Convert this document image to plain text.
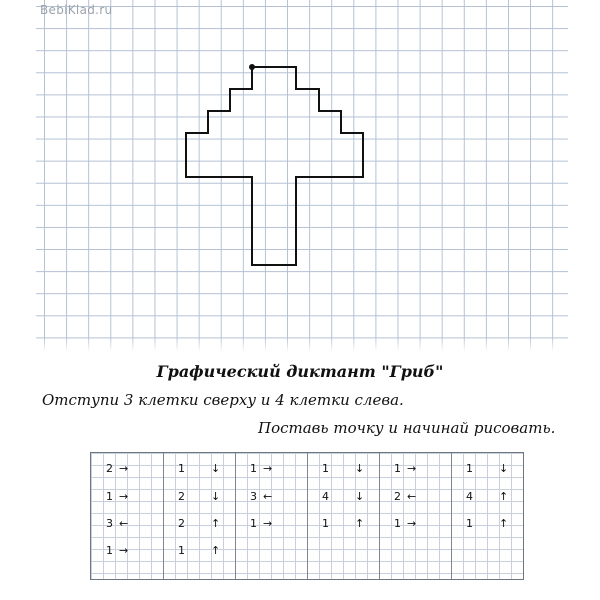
BebiKlad.ru
Графический диктант "Гриб"
Отступи 3 клетки сверху и 4 клетки слева.
Поставь точку и начинай рисовать.
2 →
1 →
3 ←
1 →
1 ↓
2 ↓
2 ↑
1 ↑
1 →
3 ←
1 →
1 ↓
4 ↓
1 ↑
1 →
2 ←
1 →
1 ↓
4 ↑
1 ↑
